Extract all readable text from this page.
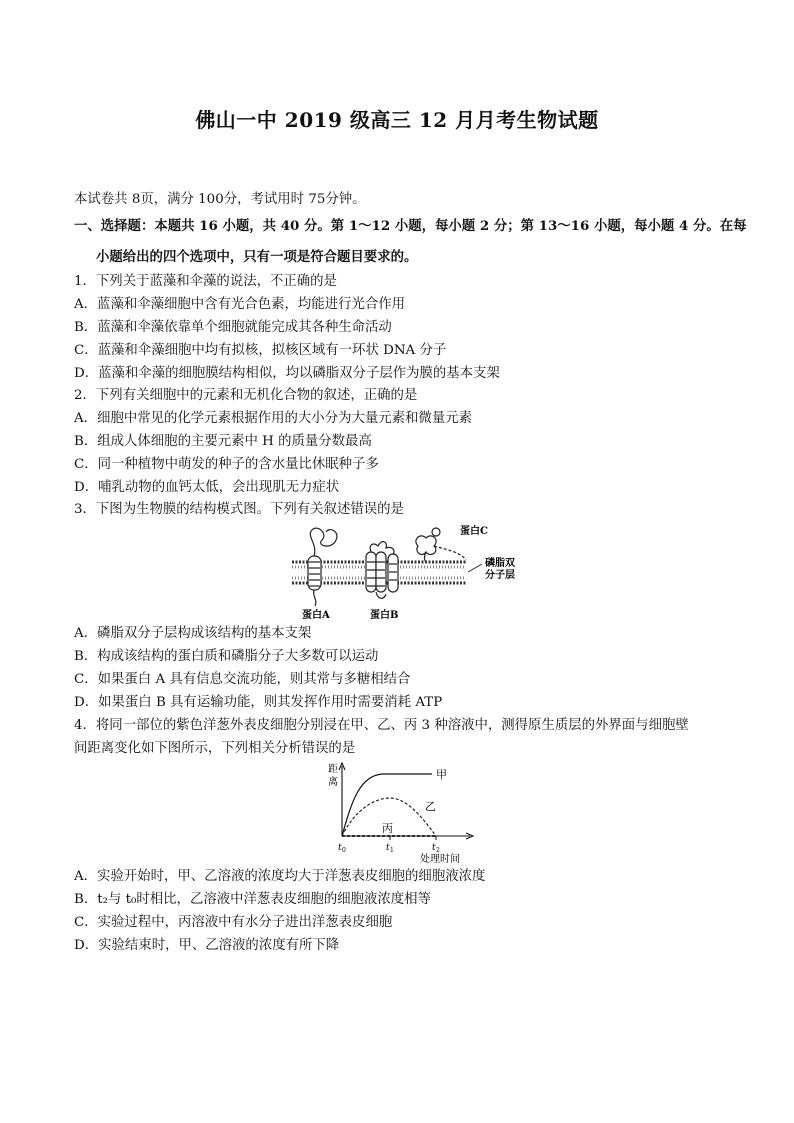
佛山一中 2019 级高三 12 月月考生物试题
本试卷共 8页，满分 100分，考试用时 75分钟。
一、选择题：本题共 16 小题，共 40 分。第 1～12 小题，每小题 2 分；第 13～16 小题，每小题 4 分。在每
小题给出的四个选项中，只有一项是符合题目要求的。
1．下列关于蓝藻和伞藻的说法，不正确的是
A．蓝藻和伞藻细胞中含有光合色素，均能进行光合作用
B．蓝藻和伞藻依靠单个细胞就能完成其各种生命活动
C．蓝藻和伞藻细胞中均有拟核，拟核区域有一环状 DNA 分子
D．蓝藻和伞藻的细胞膜结构相似，均以磷脂双分子层作为膜的基本支架
2．下列有关细胞中的元素和无机化合物的叙述，正确的是
A．细胞中常见的化学元素根据作用的大小分为大量元素和微量元素
B．组成人体细胞的主要元素中 H 的质量分数最高
C．同一种植物中萌发的种子的含水量比休眠种子多
D．哺乳动物的血钙太低，会出现肌无力症状
3．下图为生物膜的结构模式图。下列有关叙述错误的是
蛋白C
磷脂双
分子层
蛋白A	蛋白B
A．磷脂双分子层构成该结构的基本支架
B．构成该结构的蛋白质和磷脂分子大多数可以运动
C．如果蛋白 A 具有信息交流功能，则其常与多糖相结合
D．如果蛋白 B 具有运输功能，则其发挥作用时需要消耗 ATP
4．将同一部位的紫色洋葱外表皮细胞分别浸在甲、乙、丙 3 种溶液中，测得原生质层的外界面与细胞壁
间距离变化如下图所示，下列相关分析错误的是
距
离
甲
乙
丙
t 0	t 1	t 2
处理时间
A．实验开始时，甲、乙溶液的浓度均大于洋葱表皮细胞的细胞液浓度
B．t₂与 t₀时相比，乙溶液中洋葱表皮细胞的细胞液浓度相等
C．实验过程中，丙溶液中有水分子进出洋葱表皮细胞
D．实验结束时，甲、乙溶液的浓度有所下降
